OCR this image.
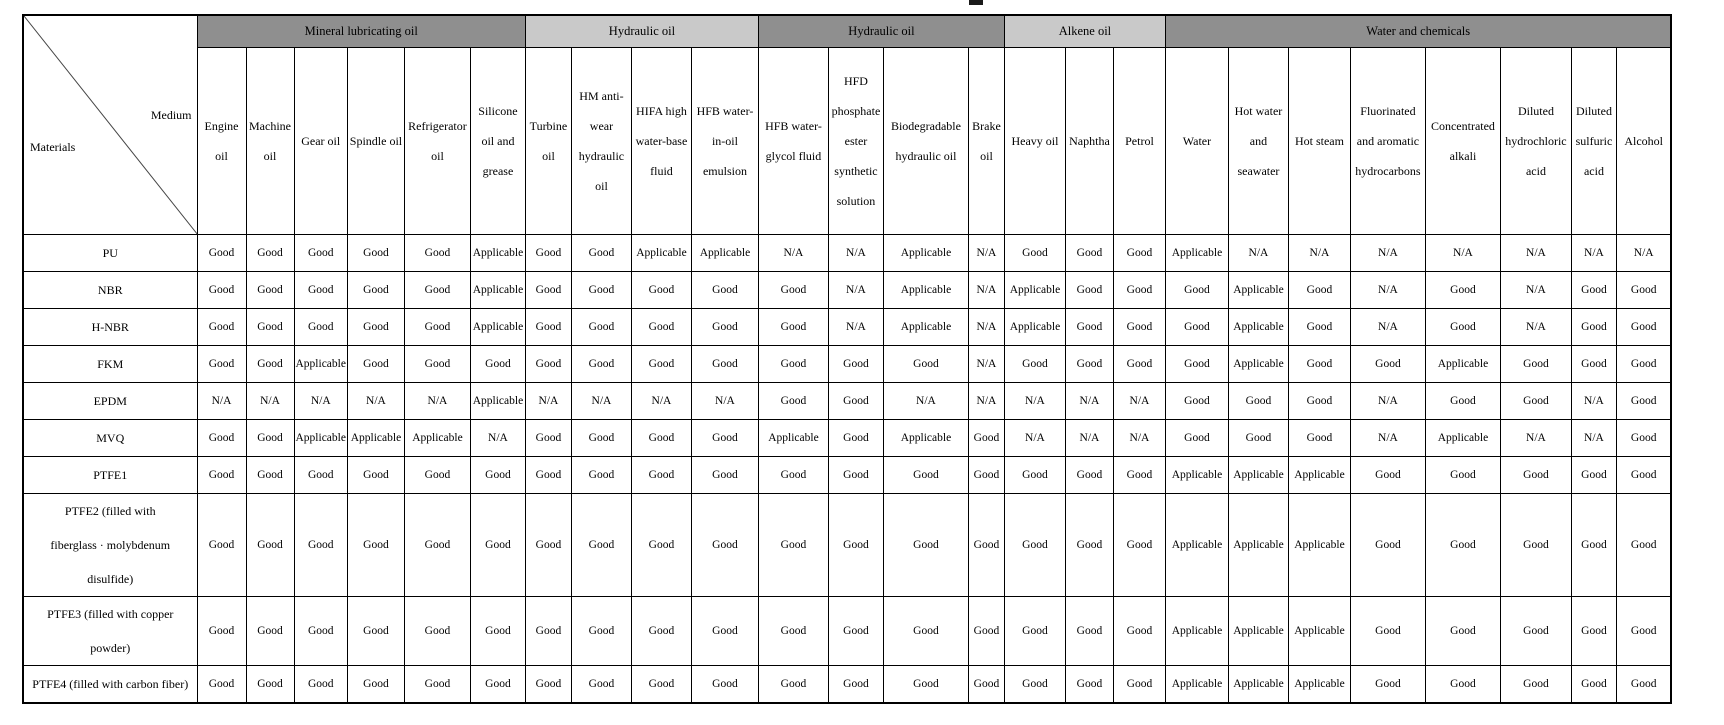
Medium
Materials	Mineral lubricating oil						Hydraulic oil				Hydraulic oil				Alkene oil			Water and chemicals							
	Engine oil	Machine oil	Gear oil	Spindle oil	Refrigerator oil	Silicone oil and grease	Turbine oil	HM anti-wear hydraulic oil	HIFA high water-base fluid	HFB water-in-oil emulsion	HFB water-glycol fluid	HFD phosphate ester synthetic solution	Biodegradable hydraulic oil	Brake oil	Heavy oil	Naphtha	Petrol	Water	Hot water and seawater	Hot steam	Fluorinated and aromatic hydrocarbons	Concentrated alkali	Diluted hydrochloric acid	Diluted sulfuric acid	Alcohol

PU	Good	Good	Good	Good	Good	Applicable	Good	Good	Applicable	Applicable	N/A	N/A	Applicable	N/A	Good	Good	Good	Applicable	N/A	N/A	N/A	N/A	N/A	N/A	N/A

NBR	Good	Good	Good	Good	Good	Applicable	Good	Good	Good	Good	Good	N/A	Applicable	N/A	Applicable	Good	Good	Good	Applicable	Good	N/A	Good	N/A	Good	Good

H-NBR	Good	Good	Good	Good	Good	Applicable	Good	Good	Good	Good	Good	N/A	Applicable	N/A	Applicable	Good	Good	Good	Applicable	Good	N/A	Good	N/A	Good	Good

FKM	Good	Good	Applicable	Good	Good	Good	Good	Good	Good	Good	Good	Good	Good	N/A	Good	Good	Good	Good	Applicable	Good	Good	Applicable	Good	Good	Good

EPDM	N/A	N/A	N/A	N/A	N/A	Applicable	N/A	N/A	N/A	N/A	Good	Good	N/A	N/A	N/A	N/A	N/A	Good	Good	Good	N/A	Good	Good	N/A	Good

MVQ	Good	Good	Applicable	Applicable	Applicable	N/A	Good	Good	Good	Good	Applicable	Good	Applicable	Good	N/A	N/A	N/A	Good	Good	Good	N/A	Applicable	N/A	N/A	Good

PTFE1	Good	Good	Good	Good	Good	Good	Good	Good	Good	Good	Good	Good	Good	Good	Good	Good	Good	Applicable	Applicable	Applicable	Good	Good	Good	Good	Good

PTFE2 (filled with
fiberglass · molybdenum
disulfide)	Good	Good	Good	Good	Good	Good	Good	Good	Good	Good	Good	Good	Good	Good	Good	Good	Good	Applicable	Applicable	Applicable	Good	Good	Good	Good	Good

PTFE3 (filled with copper
powder)	Good	Good	Good	Good	Good	Good	Good	Good	Good	Good	Good	Good	Good	Good	Good	Good	Good	Applicable	Applicable	Applicable	Good	Good	Good	Good	Good

PTFE4 (filled with carbon fiber)	Good	Good	Good	Good	Good	Good	Good	Good	Good	Good	Good	Good	Good	Good	Good	Good	Good	Applicable	Applicable	Applicable	Good	Good	Good	Good	Good
